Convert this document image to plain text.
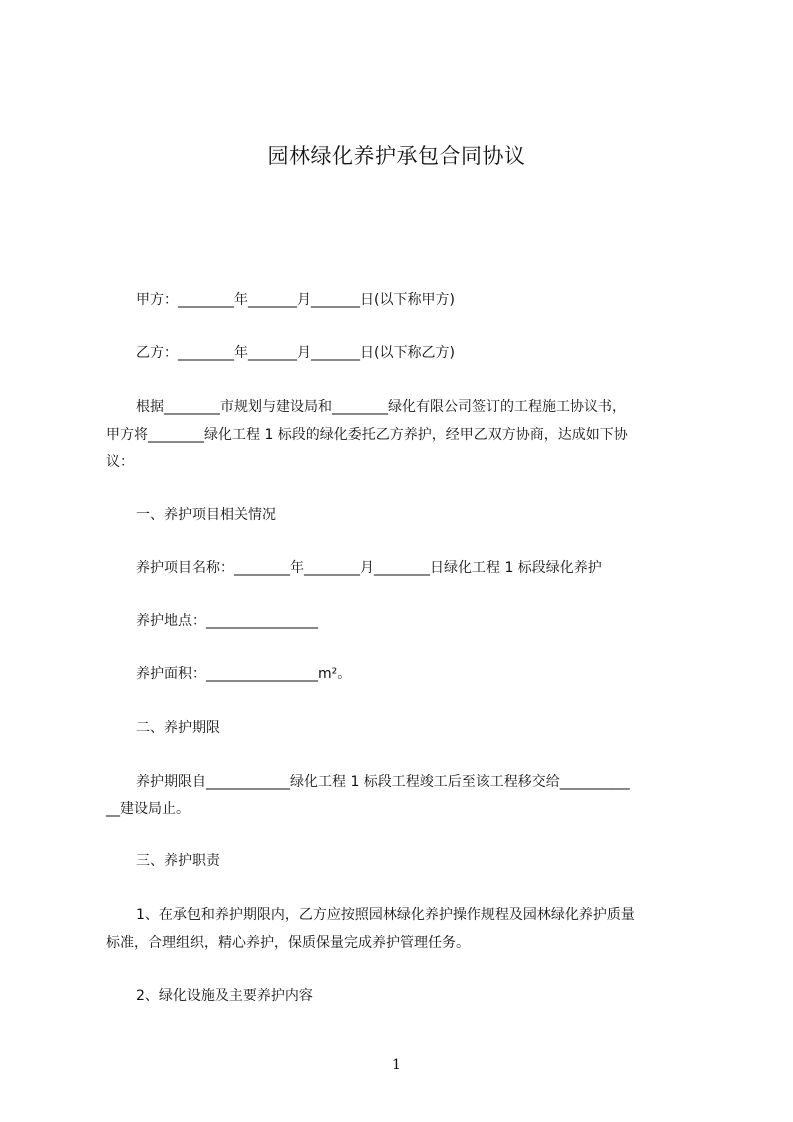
园林绿化养护承包合同协议
甲方：________年_______月_______日(以下称甲方)
乙方：________年_______月_______日(以下称乙方)
根据________市规划与建设局和________绿化有限公司签订的工程施工协议书，
甲方将________绿化工程 1 标段的绿化委托乙方养护，经甲乙双方协商，达成如下协
议：
一、养护项目相关情况
养护项目名称：________年________月________日绿化工程 1 标段绿化养护
养护地点：________________
养护面积：________________m²。
二、养护期限
养护期限自____________绿化工程 1 标段工程竣工后至该工程移交给__________
__建设局止。
三、养护职责
1、在承包和养护期限内，乙方应按照园林绿化养护操作规程及园林绿化养护质量
标准，合理组织，精心养护，保质保量完成养护管理任务。
2、绿化设施及主要养护内容
1
